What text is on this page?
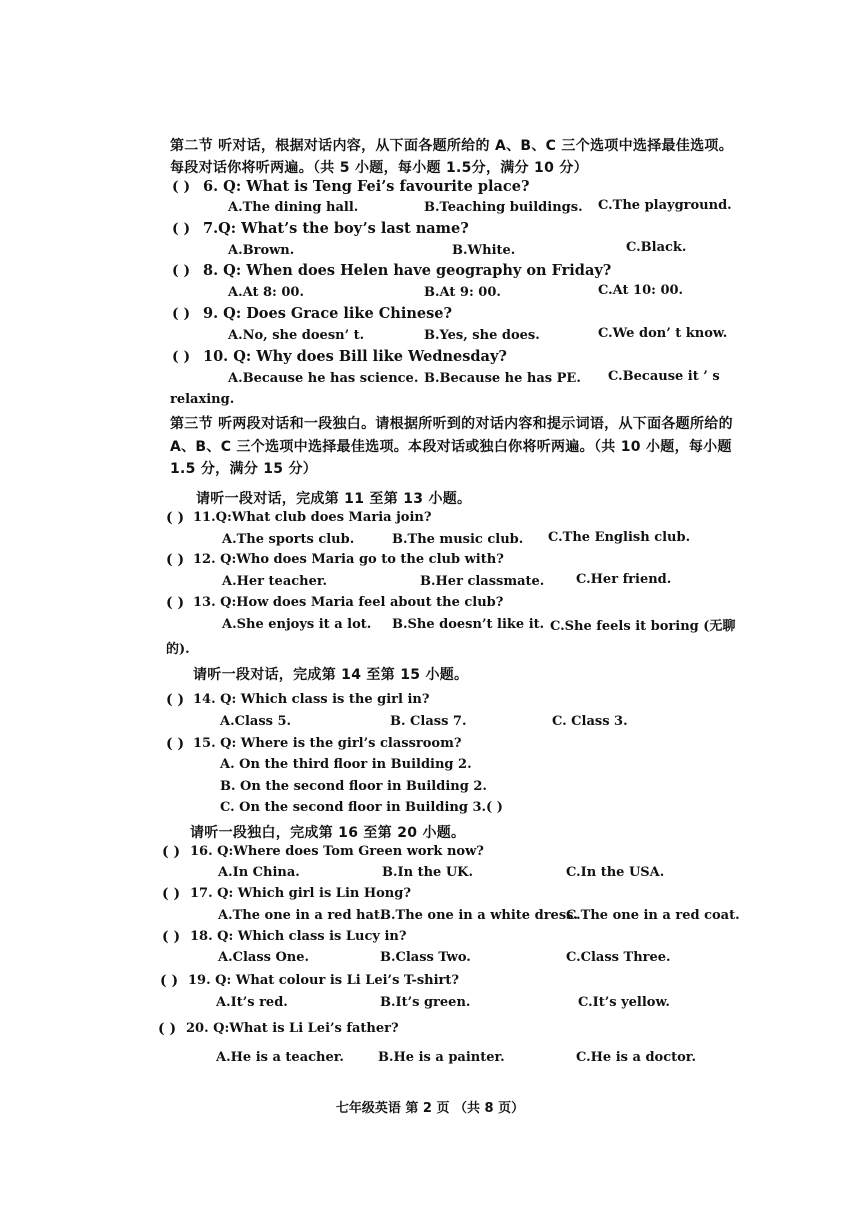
第二节 听对话，根据对话内容，从下面各题所给的 A、B、C 三个选项中选择最佳选项。
每段对话你将听两遍。（共 5 小题，每小题 1.5分，满分 10 分）
( ) 6. Q: What is Teng Fei’s favourite place?
A.The dining hall.	B.Teaching buildings. C.The playground.
( ) 7.Q: What’s the boy’s last name?
A.Brown.	B.White.	C.Black.
( ) 8. Q: When does Helen have geography on Friday?
A.At 8: 00.	B.At 9: 00.	C.At 10: 00.
( ) 9. Q: Does Grace like Chinese?
A.No, she doesn’ t.	B.Yes, she does.	C.We don’ t know.
( ) 10. Q: Why does Bill like Wednesday?
A.Because he has science. B.Because he has PE. C.Because it ’ s
relaxing.
第三节 听两段对话和一段独白。请根据所听到的对话内容和提示词语，从下面各题所给的
A、B、C 三个选项中选择最佳选项。本段对话或独白你将听两遍。（共 10 小题，每小题
1.5 分，满分 15 分）
请听一段对话，完成第 11 至第 13 小题。
( ) 11.Q:What club does Maria join?
A.The sports club.	B.The music club. C.The English club.
( ) 12. Q:Who does Maria go to the club with?
A.Her teacher.	B.Her classmate. C.Her friend.
( ) 13. Q:How does Maria feel about the club?
A.She enjoys it a lot. B.She doesn’t like it. C.She feels it boring (无聊
的).
请听一段对话，完成第 14 至第 15 小题。
( ) 14. Q: Which class is the girl in?
A.Class 5.	B. Class 7.	C. Class 3.
( ) 15. Q: Where is the girl’s classroom?
A. On the third floor in Building 2.
B. On the second floor in Building 2.
C. On the second floor in Building 3.( )
请听一段独白，完成第 16 至第 20 小题。
( ) 16. Q:Where does Tom Green work now?
A.In China.	B.In the UK.	C.In the USA.
( ) 17. Q: Which girl is Lin Hong?
A.The one in a red hat.
B.The one in a white dress.
C.The one in a red coat.
( ) 18. Q: Which class is Lucy in?
A.Class One.	B.Class Two.	C.Class Three.
( ) 19. Q: What colour is Li Lei’s T-shirt?
A.It’s red.	B.It’s green.	C.It’s yellow.
( ) 20. Q:What is Li Lei’s father?
A.He is a teacher.	B.He is a painter.	C.He is a doctor.
七年级英语 第 2 页 （共 8 页）
